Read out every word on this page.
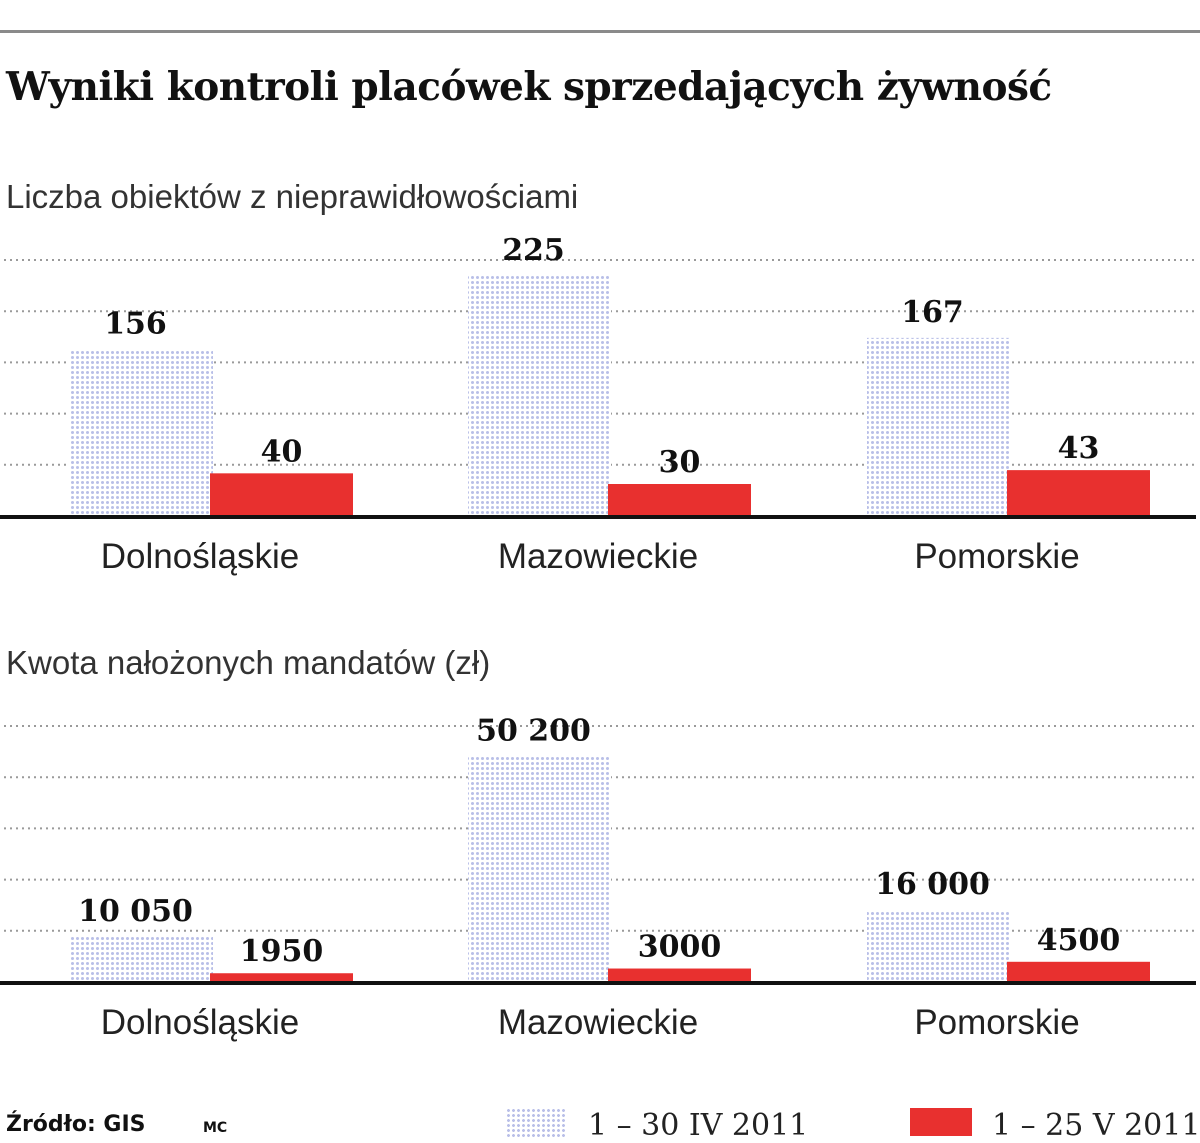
Wyniki kontroli placówek sprzedających żywność
Liczba obiektów z nieprawidłowościami
156
40
Dolnośląskie
225
30
Mazowieckie
167
43
Pomorskie
Kwota nałożonych mandatów (zł)
10 050
1950
Dolnośląskie
50 200
3000
Mazowieckie
16 000
4500
Pomorskie
Źródło: GIS	MC	1 – 30 IV 2011	1 – 25 V 2011
